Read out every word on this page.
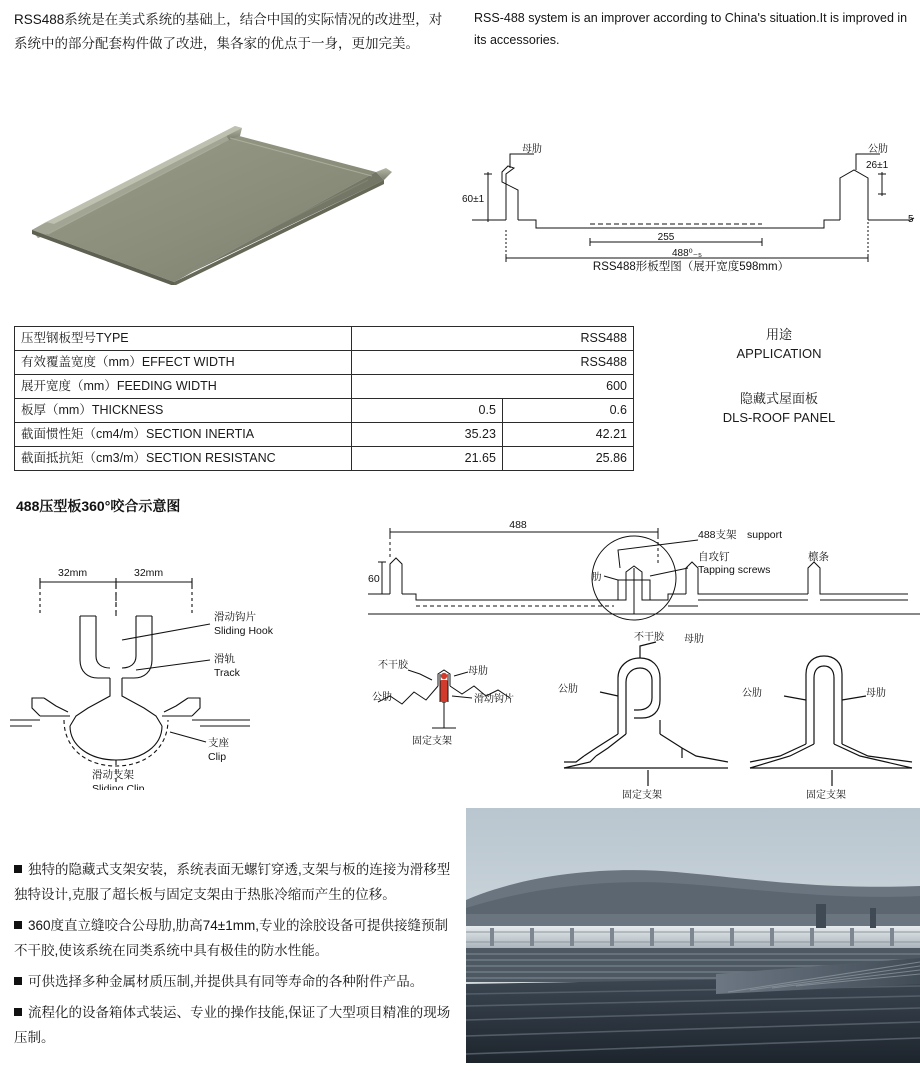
RSS488系统是在美式系统的基础上，结合中国的实际情况的改进型，对系统中的部分配套构件做了改进，集各家的优点于一身，更加完美。
RSS-488 system is an improver according to China's situation.It is improved in its accessories.
母肋	公肋
60±1
26±1
255
488⁰₋₅
5
RSS488形板型图（展开宽度598mm）
压型钢板型号TYPE	RSS488	
有效覆盖宽度（mm）EFFECT WIDTH	RSS488	
展开宽度（mm）FEEDING WIDTH	600	
板厚（mm）THICKNESS	0.5	0.6
截面惯性矩（cm4/m）SECTION INERTIA	35.23	42.21
截面抵抗矩（cm3/m）SECTION RESISTANC	21.65	25.86
用途
APPLICATION
隐藏式屋面板
DLS-ROOF PANEL
488压型板360°咬合示意图
32mm	32mm
滑动钩片
Sliding Hook
滑轨
Track
支座
Clip
滑动支架
Sliding Clip
488
60	肋
488支架　support
自攻钉
Tapping screws
檩条
不干胶
母肋
公肋	滑动钩片
固定支架
不干胶 母肋
公肋
固定支架
公肋	母肋
固定支架

独特的隐藏式支架安装，系统表面无螺钉穿透,支架与板的连接为滑移型独特设计,克服了超长板与固定支架由于热胀冷缩而产生的位移。

360度直立缝咬合公母肋,肋高74±1mm,专业的涂胶设备可提供接缝预制不干胶,使该系统在同类系统中具有极佳的防水性能。

可供选择多种金属材质压制,并提供具有同等寿命的各种附件产品。

流程化的设备箱体式装运、专业的操作技能,保证了大型项目精准的现场压制。
